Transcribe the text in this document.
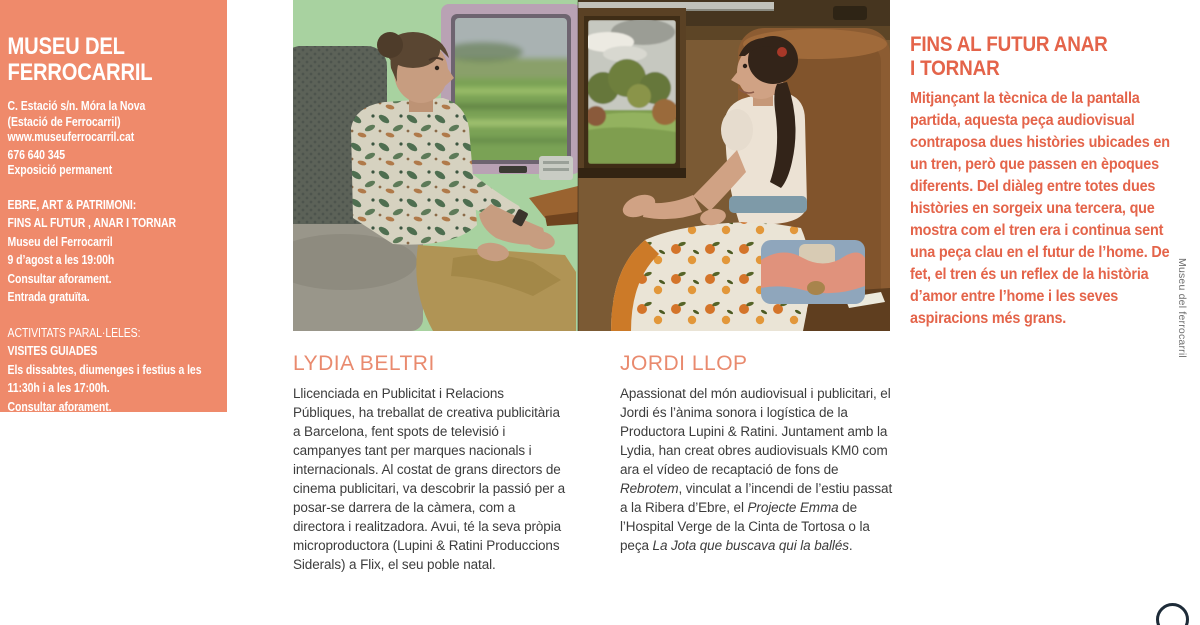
MUSEU DEL
FERROCARRIL
C. Estació s/n. Móra la Nova
(Estació de Ferrocarril)
www.museuferrocarril.cat
676 640 345
Exposició permanent
EBRE, ART & PATRIMONI:
FINS AL FUTUR , ANAR I TORNAR
Museu del Ferrocarril
9 d’agost a les 19:00h
Consultar aforament.
Entrada gratuïta.
ACTIVITATS PARAL·LELES:
VISITES GUIADES
Els dissabtes, diumenges i festius a les
11:30h i a les 17:00h.
Consultar aforament.
FINS AL FUTUR ANAR
I TORNAR

Mitjançant la tècnica de la pantalla partida, aquesta peça audiovisual contraposa dues històries ubicades en un tren, però que passen en èpoques diferents. Del diàleg entre totes dues històries en sorgeix una tercera, que mostra com el tren era i continua sent una peça clau en el futur de l’home. De fet, el tren és un reflex de la història d’amor entre l’home i les seves aspiracions més grans.	Museu del ferrocarril
LYDIA BELTRI

Llicenciada en Publicitat i Relacions Públiques, ha treballat de creativa publicitària a Barcelona, fent spots de televisió i campanyes tant per marques nacionals i internacionals. Al costat de grans directors de cinema publicitari, va descobrir la passió per a posar-se darrera de la càmera, com a directora i realitzadora. Avui, té la seva pròpia microproductora (Lupini & Ratini Produccions Siderals) a Flix, el seu poble natal.

JORDI LLOP

Apassionat del món audiovisual i publicitari, el Jordi és l’ànima sonora i logística de la Productora Lupini & Ratini. Juntament amb la Lydia, han creat obres audiovisuals KM0 com ara el vídeo de recaptació de fons de Rebrotem, vinculat a l’incendi de l’estiu passat a la Ribera d’Ebre, el Projecte Emma de l’Hospital Verge de la Cinta de Tortosa o la peça La Jota que buscava qui la ballés.
